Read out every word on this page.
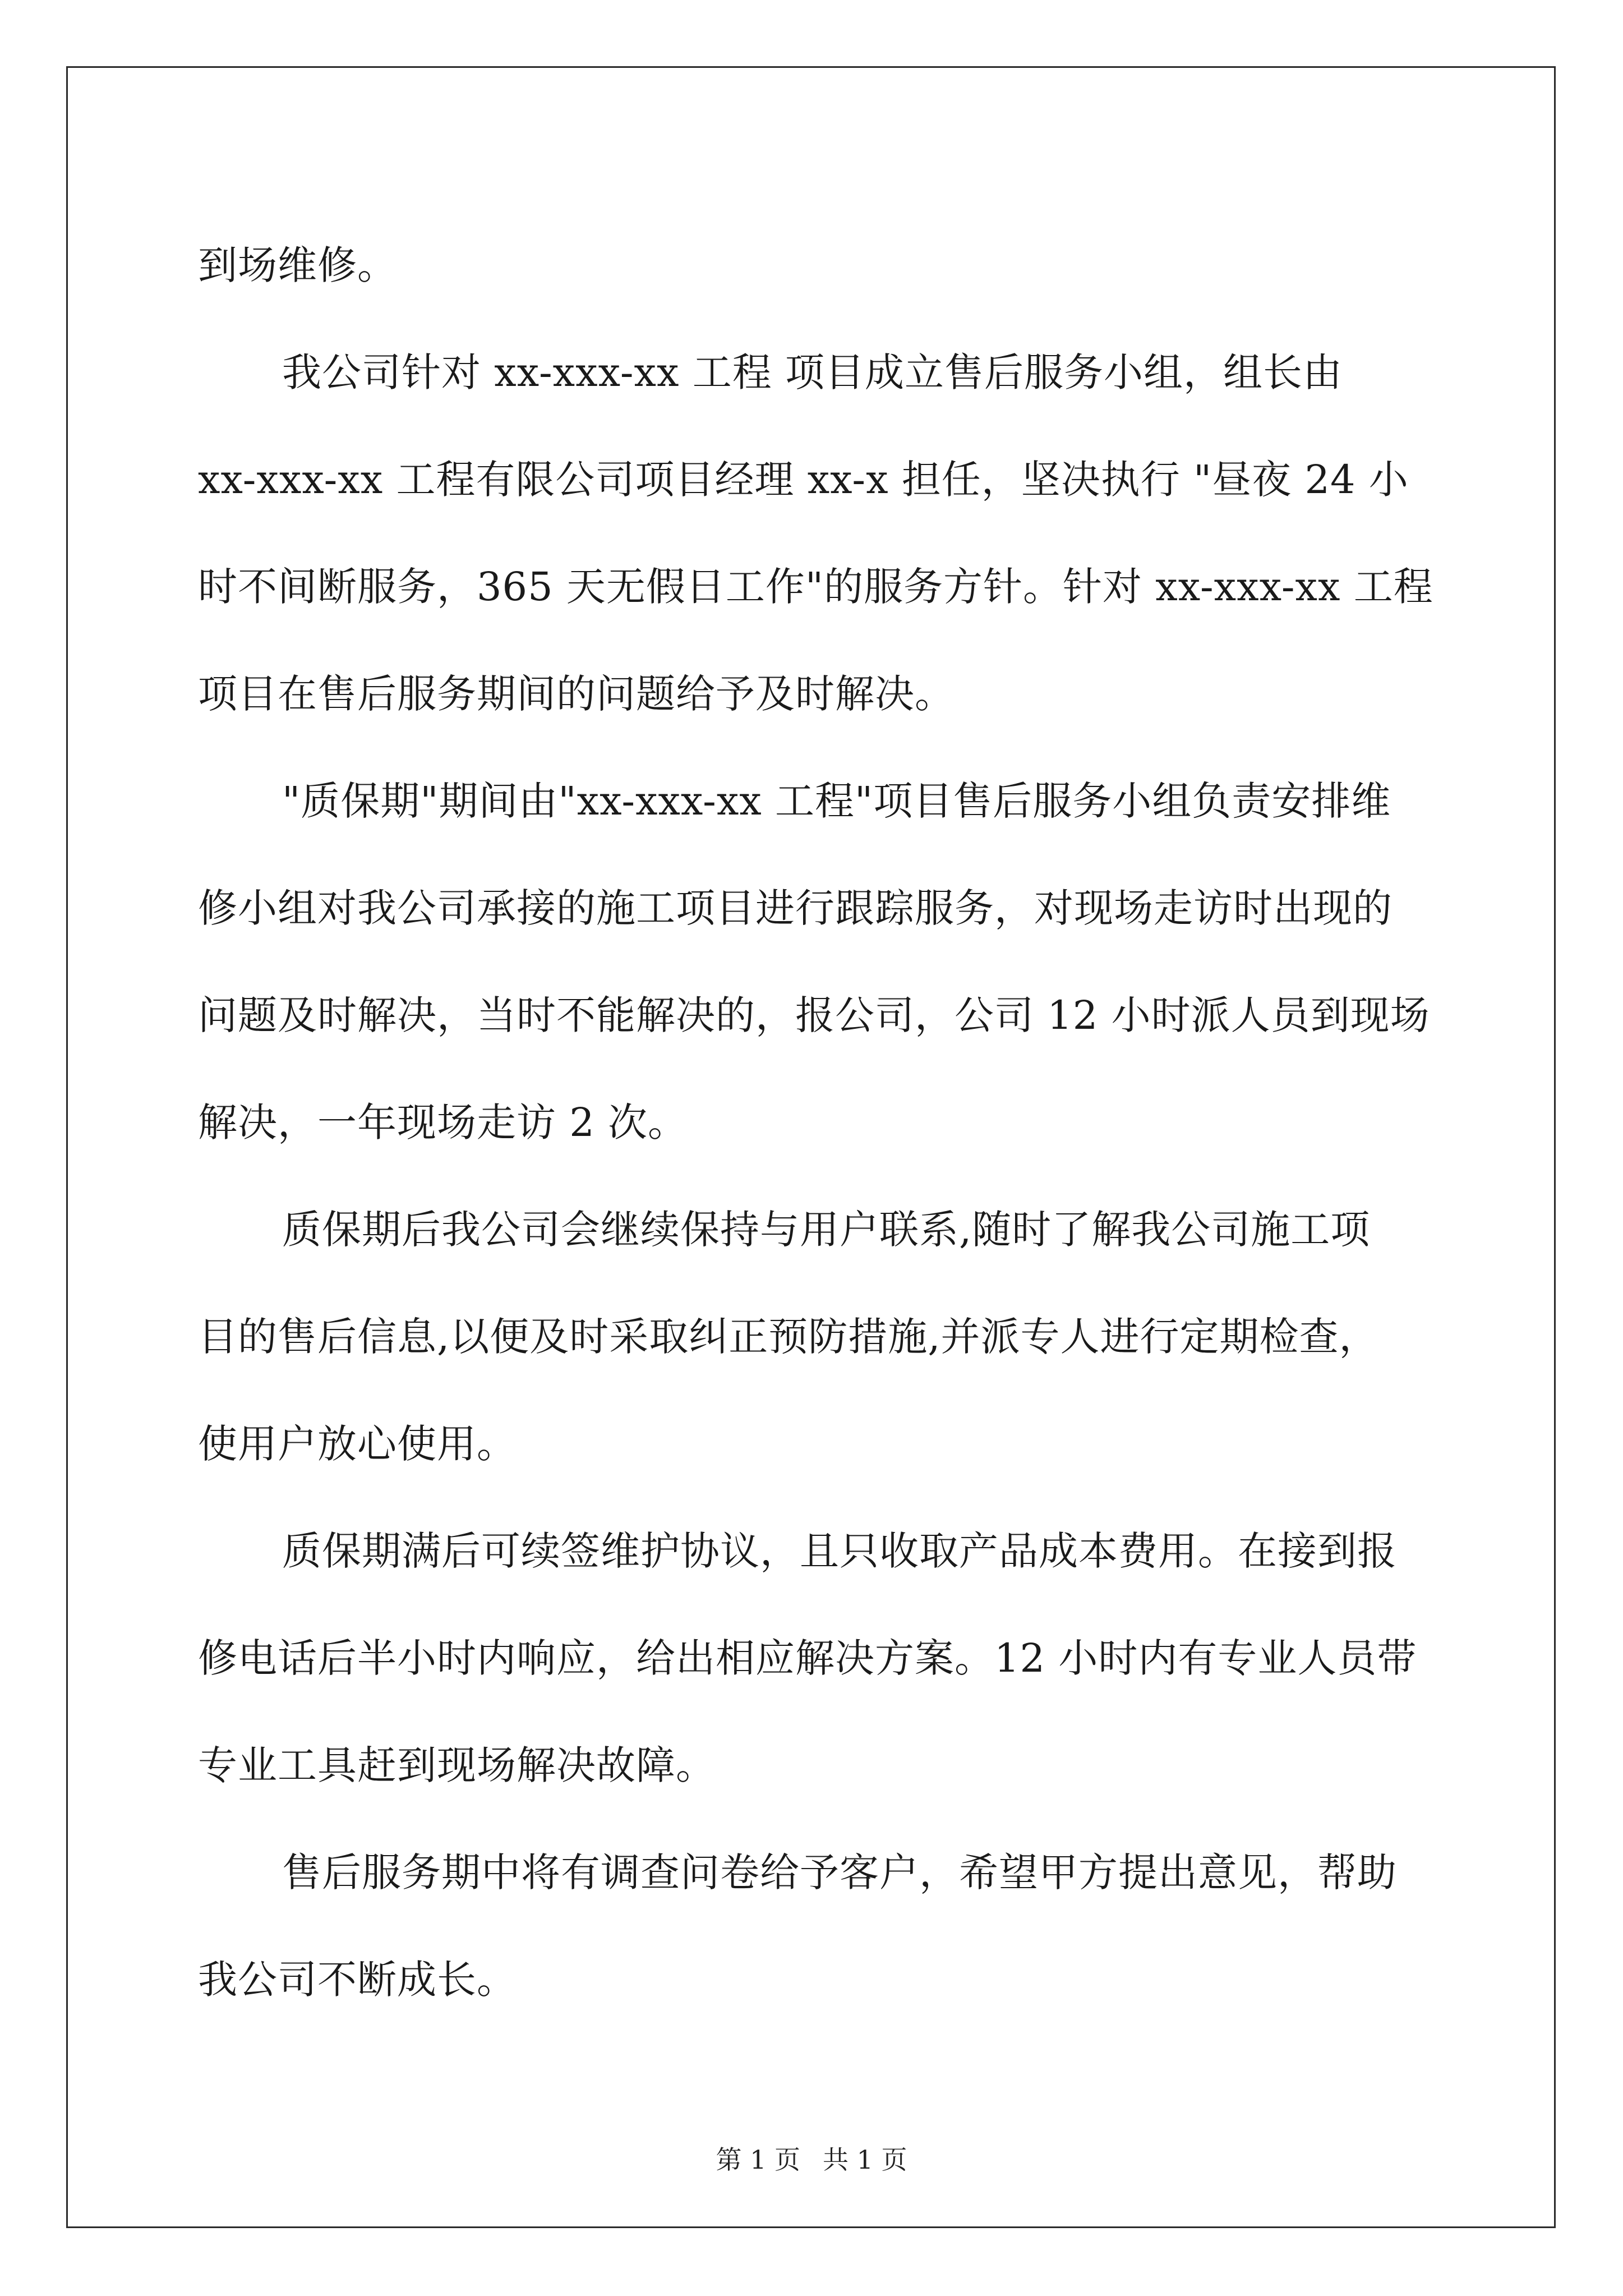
到场维修。
我公司针对 xx-xxx-xx 工程 项目成立售后服务小组，组长由
xx-xxx-xx 工程有限公司项目经理 xx-x 担任，坚决执行 "昼夜 24 小
时不间断服务，365 天无假日工作"的服务方针。针对 xx-xxx-xx 工程
项目在售后服务期间的问题给予及时解决。
"质保期"期间由"xx-xxx-xx 工程"项目售后服务小组负责安排维
修小组对我公司承接的施工项目进行跟踪服务，对现场走访时出现的
问题及时解决，当时不能解决的，报公司，公司 12 小时派人员到现场
解决，一年现场走访 2 次。
质保期后我公司会继续保持与用户联系,随时了解我公司施工项
目的售后信息,以便及时采取纠正预防措施,并派专人进行定期检查，
使用户放心使用。
质保期满后可续签维护协议，且只收取产品成本费用。在接到报
修电话后半小时内响应，给出相应解决方案。12 小时内有专业人员带
专业工具赶到现场解决故障。
售后服务期中将有调查问卷给予客户，希望甲方提出意见，帮助
我公司不断成长。
第 1 页 共 1 页
